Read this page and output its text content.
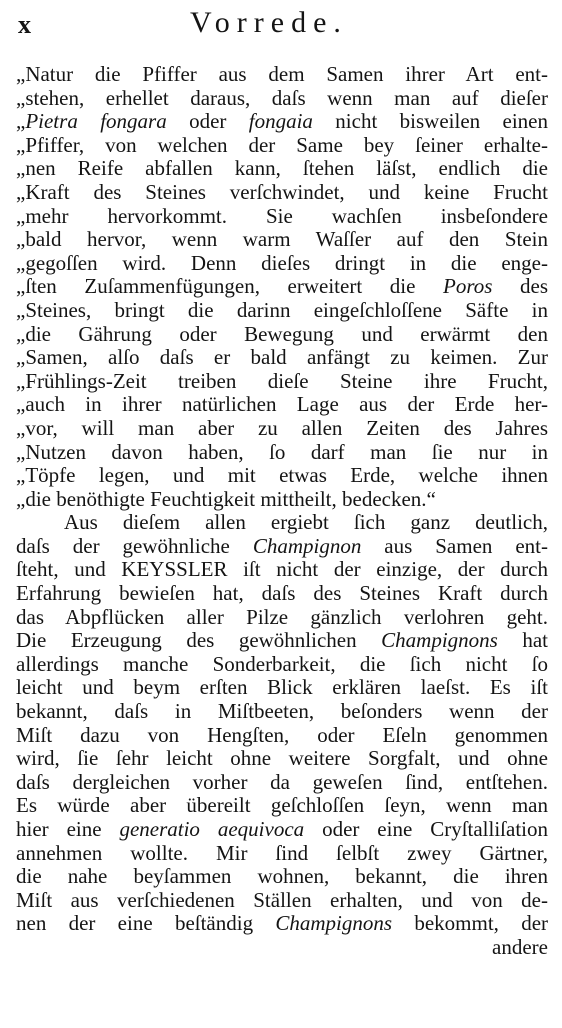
x	Vorrede.
„Natur die Pfiffer aus dem Samen ihrer Art ent-
„stehen, erhellet daraus, daſs wenn man auf dieſer
„Pietra fongara oder fongaia nicht bisweilen einen
„Pfiffer, von welchen der Same bey ſeiner erhalte-
„nen Reife abfallen kann, ſtehen läſst, endlich die
„Kraft des Steines verſchwindet, und keine Frucht
„mehr hervorkommt. Sie wachſen insbeſondere
„bald hervor, wenn warm Waſſer auf den Stein
„gegoſſen wird. Denn dieſes dringt in die enge-
„ſten Zuſammenfügungen, erweitert die Poros des
„Steines, bringt die darinn eingeſchloſſene Säfte in
„die Gährung oder Bewegung und erwärmt den
„Samen, alſo daſs er bald anfängt zu keimen. Zur
„Frühlings-Zeit treiben dieſe Steine ihre Frucht,
„auch in ihrer natürlichen Lage aus der Erde her-
„vor, will man aber zu allen Zeiten des Jahres
„Nutzen davon haben, ſo darf man ſie nur in
„Töpfe legen, und mit etwas Erde, welche ihnen
„die benöthigte Feuchtigkeit mittheilt, bedecken.“
Aus dieſem allen ergiebt ſich ganz deutlich,
daſs der gewöhnliche Champignon aus Samen ent-
ſteht, und KEYSSLER iſt nicht der einzige, der durch
Erfahrung bewieſen hat, daſs des Steines Kraft durch
das Abpflücken aller Pilze gänzlich verlohren geht.
Die Erzeugung des gewöhnlichen Champignons hat
allerdings manche Sonderbarkeit, die ſich nicht ſo
leicht und beym erſten Blick erklären laeſst. Es iſt
bekannt, daſs in Miſtbeeten, beſonders wenn der
Miſt dazu von Hengſten, oder Eſeln genommen
wird, ſie ſehr leicht ohne weitere Sorgfalt, und ohne
daſs dergleichen vorher da geweſen ſind, entſtehen.
Es würde aber übereilt geſchloſſen ſeyn, wenn man
hier eine generatio aequivoca oder eine Cryſtalliſation
annehmen wollte. Mir ſind ſelbſt zwey Gärtner,
die nahe beyſammen wohnen, bekannt, die ihren
Miſt aus verſchiedenen Ställen erhalten, und von de-
nen der eine beſtändig Champignons bekommt, der
andere
